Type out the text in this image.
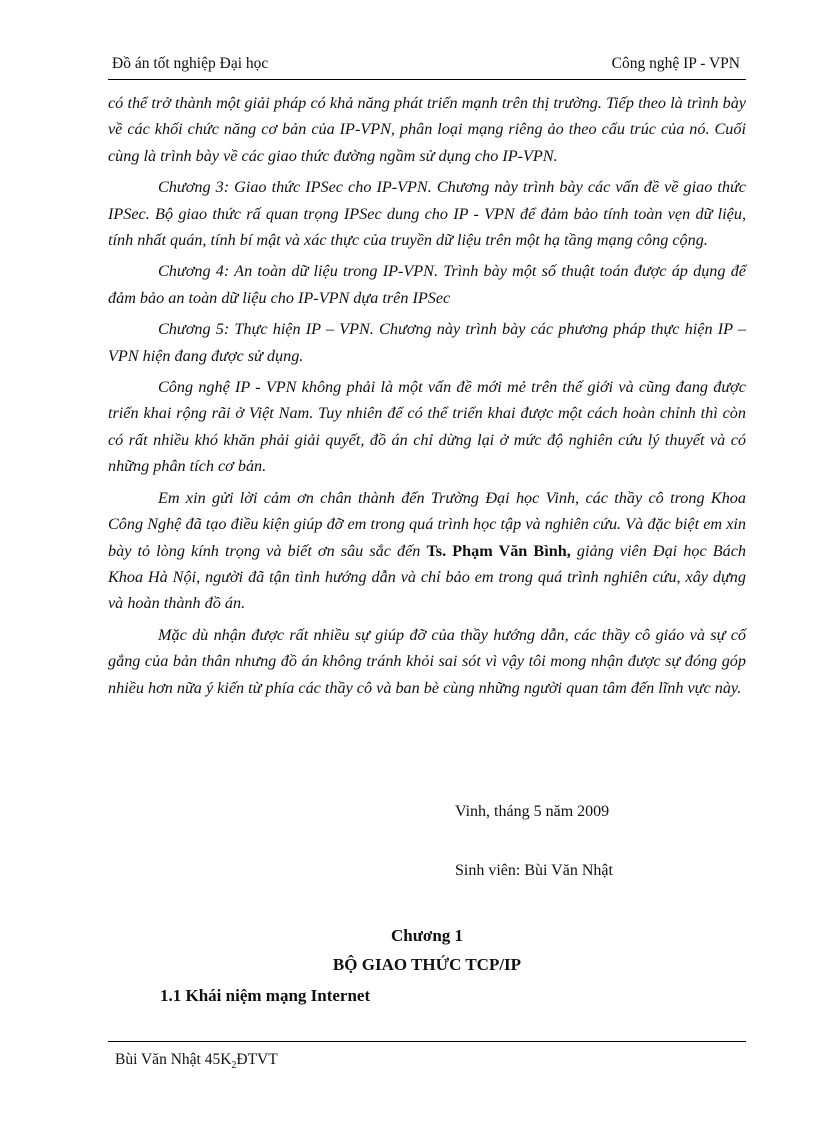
Đồ án tốt nghiệp Đại học	Công nghệ IP - VPN

có thể trở thành một giải pháp có khả năng phát triển mạnh trên thị trường. Tiếp theo là trình bày về các khối chức năng cơ bản của IP-VPN, phân loại mạng riêng ảo theo cấu trúc của nó. Cuối cùng là trình bày về các giao thức đường ngầm sử dụng cho IP-VPN.

Chương 3: Giao thức IPSec cho IP-VPN. Chương này trình bày các vấn đề về giao thức IPSec. Bộ giao thức rấ quan trọng IPSec dung cho IP - VPN để đảm bảo tính toàn vẹn dữ liệu, tính nhất quán, tính bí mật và xác thực của truyền dữ liệu trên một hạ tầng mạng công cộng.

Chương 4: An toàn dữ liệu trong IP-VPN. Trình bày một số thuật toán được áp dụng để đảm bảo an toàn dữ liệu cho IP-VPN dựa trên IPSec

Chương 5: Thực hiện IP – VPN. Chương này trình bày các phương pháp thực hiện IP – VPN hiện đang được sử dụng.

Công nghệ IP - VPN không phải là một vấn đề mới mẻ trên thế giới và cũng đang được triển khai rộng rãi ở Việt Nam. Tuy nhiên để có thể triển khai được một cách hoàn chỉnh thì còn có rất nhiều khó khăn phải giải quyết, đồ án chỉ dừng lại ở mức độ nghiên cứu lý thuyết và có những phân tích cơ bản.

Em xin gửi lời cảm ơn chân thành đến Trường Đại học Vinh, các thầy cô trong Khoa Công Nghệ đã tạo điều kiện giúp đỡ em trong quá trình học tập và nghiên cứu. Và đặc biệt em xin bày tỏ lòng kính trọng và biết ơn sâu sắc đến Ts. Phạm Văn Bình, giảng viên Đại học Bách Khoa Hà Nội, người đã tận tình hướng dẫn và chỉ bảo em trong quá trình nghiên cứu, xây dựng và hoàn thành đồ án.

Mặc dù nhận được rất nhiều sự giúp đỡ của thầy hướng dẫn, các thầy cô giáo và sự cố gắng của bản thân nhưng đồ án không tránh khỏi sai sót vì vậy tôi mong nhận được sự đóng góp nhiều hơn nữa ý kiến từ phía các thầy cô và ban bè cùng những người quan tâm đến lĩnh vực này.

Vinh, tháng 5 năm 2009
Sinh viên: Bùi Văn Nhật
Chương 1
BỘ GIAO THỨC TCP/IP
1.1 Khái niệm mạng Internet
Bùi Văn Nhật $45K_2ĐTVT$
